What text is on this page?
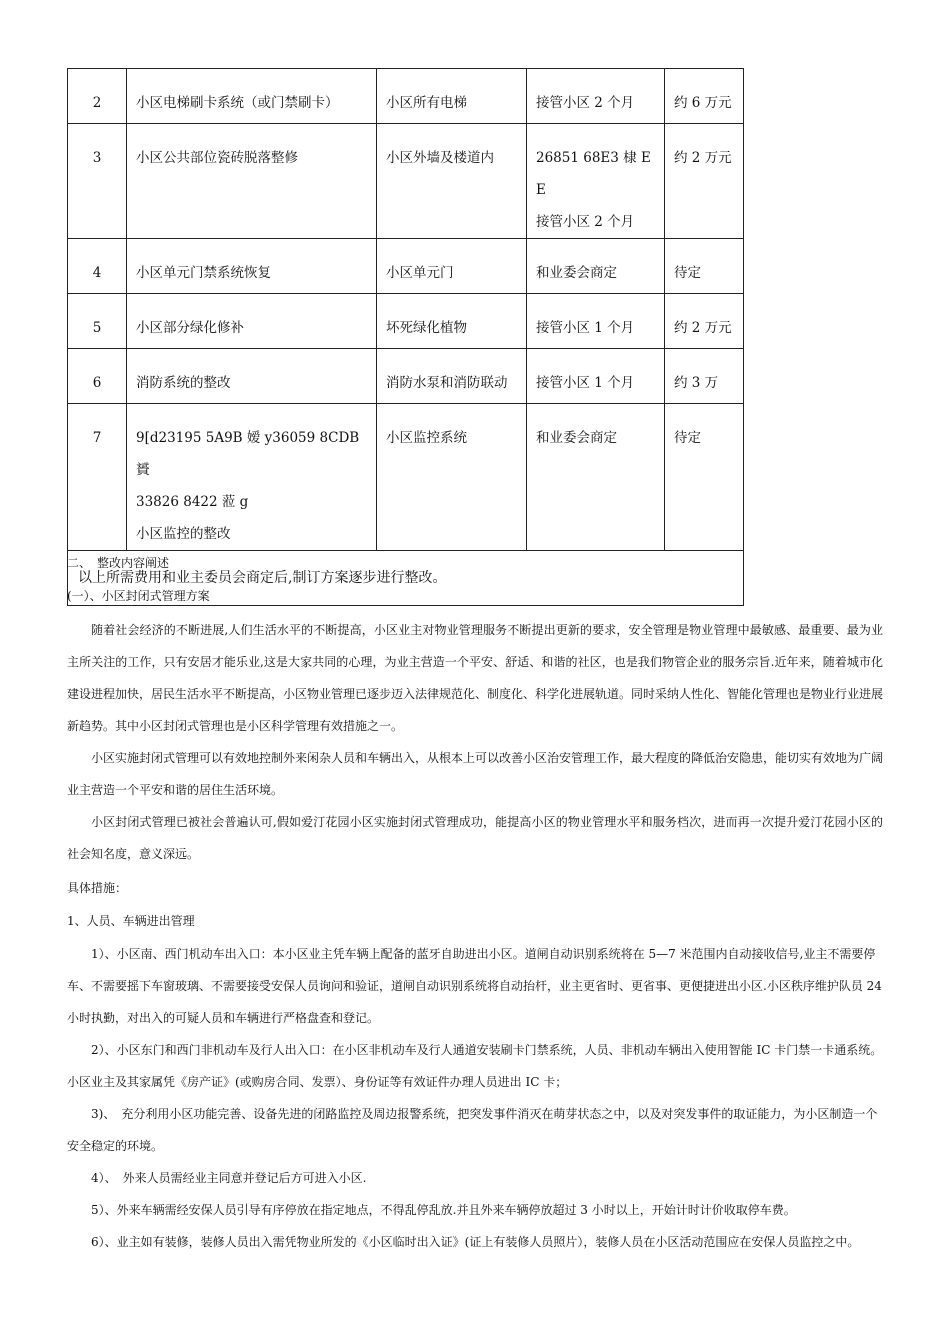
2	小区电梯刷卡系统（或门禁刷卡）	小区所有电梯	接管小区 2 个月	约 6 万元
3	小区公共部位瓷砖脱落整修	小区外墙及楼道内	26851 68E3 棣 E
E
接管小区 2 个月	约 2 万元
4	小区单元门禁系统恢复	小区单元门	和业委会商定	待定
5	小区部分绿化修补	坏死绿化植物	接管小区 1 个月	约 2 万元
6	消防系统的整改	消防水泵和消防联动	接管小区 1 个月	约 3 万
7	9[d23195 5A9B 嫒 y36059 8CDB 贇
33826 8422 蒞 g
小区监控的整改	小区监控系统	和业委会商定	待定
以上所需费用和业主委员会商定后,制订方案逐步进行整改。				
二、　整改内容阐述
(一）、小区封闭式管理方案

随着社会经济的不断进展,人们生活水平的不断提高，小区业主对物业管理服务不断提出更新的要求，安全管理是物业管理中最敏感、最重要、最为业主所关注的工作，只有安居才能乐业,这是大家共同的心理，为业主营造一个平安、舒适、和谐的社区，也是我们物管企业的服务宗旨.近年来，随着城市化建设进程加快，居民生活水平不断提高，小区物业管理已逐步迈入法律规范化、制度化、科学化进展轨道。同时采纳人性化、智能化管理也是物业行业进展新趋势。其中小区封闭式管理也是小区科学管理有效措施之一。

小区实施封闭式管理可以有效地控制外来闲杂人员和车辆出入，从根本上可以改善小区治安管理工作，最大程度的降低治安隐患，能切实有效地为广阔业主营造一个平安和谐的居住生活环境。

小区封闭式管理已被社会普遍认可,假如爱汀花园小区实施封闭式管理成功，能提高小区的物业管理水平和服务档次，进而再一次提升爱汀花园小区的社会知名度，意义深远。

具体措施：
1、人员、车辆进出管理

1）、小区南、西门机动车出入口：本小区业主凭车辆上配备的蓝牙自助进出小区。道闸自动识别系统将在 5—7 米范围内自动接收信号,业主不需要停车、不需要摇下车窗玻璃、不需要接受安保人员询问和验证，道闸自动识别系统将自动抬杆，业主更省时、更省事、更便捷进出小区.小区秩序维护队员 24 小时执勤，对出入的可疑人员和车辆进行严格盘查和登记。

2）、小区东门和西门非机动车及行人出入口：在小区非机动车及行人通道安装刷卡门禁系统，人员、非机动车辆出入使用智能 IC 卡门禁一卡通系统。小区业主及其家属凭《房产证》(或购房合同、发票）、身份证等有效证件办理人员进出 IC 卡；

3)、　充分利用小区功能完善、设备先进的闭路监控及周边报警系统，把突发事件消灭在萌芽状态之中，以及对突发事件的取证能力，为小区制造一个安全稳定的环境。

4）、　外来人员需经业主同意并登记后方可进入小区.

5）、外来车辆需经安保人员引导有序停放在指定地点，不得乱停乱放.并且外来车辆停放超过 3 小时以上，开始计时计价收取停车费。

6）、业主如有装修，装修人员出入需凭物业所发的《小区临时出入证》(证上有装修人员照片），装修人员在小区活动范围应在安保人员监控之中。
